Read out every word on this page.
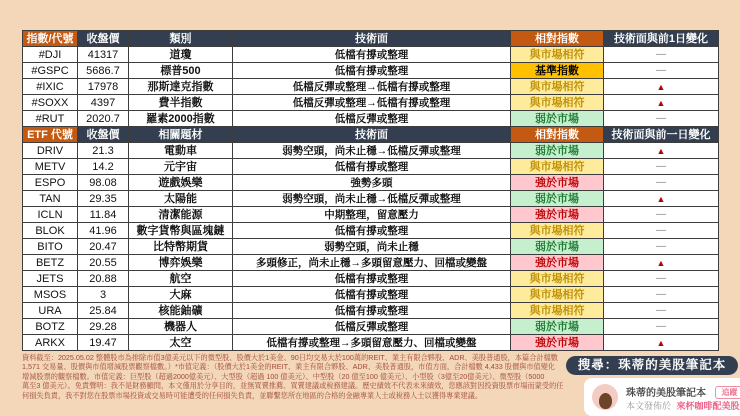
指數/代號	收盤價	類別	技術面	相對指數	技術面與前1日變化
#DJI	41317	道瓊	低檔有撐或整理	與市場相符	—
#GSPC	5686.7	標普500	低檔有撐或整理	基準指數	—
#IXIC	17978	那斯達克指數	低檔反彈或整理→低檔有撐或整理	與市場相符	▲
#SOXX	4397	費半指數	低檔反彈或整理→低檔有撐或整理	與市場相符	▲
#RUT	2020.7	羅素2000指數	低檔反彈或整理	弱於市場	—
ETF 代號	收盤價	相關題材	技術面	相對指數	技術面與前一日變化
DRIV	21.3	電動車	弱勢空頭，尚未止穩→低檔反彈或整理	弱於市場	▲
METV	14.2	元宇宙	低檔有撐或整理	與市場相符	—
ESPO	98.08	遊戲娛樂	強勢多頭	強於市場	—
TAN	29.35	太陽能	弱勢空頭，尚未止穩→低檔反彈或整理	弱於市場	▲
ICLN	11.84	清潔能源	中期整理，留意壓力	強於市場	—
BLOK	41.96	數字貨幣與區塊鏈	低檔有撐或整理	與市場相符	—
BITO	20.47	比特幣期貨	弱勢空頭，尚未止穩	弱於市場	—
BETZ	20.55	博弈娛樂	多頭修正，尚未止穩→多頭留意壓力、回檔或變盤	強於市場	▲
JETS	20.88	航空	低檔有撐或整理	與市場相符	—
MSOS	3	大麻	低檔有撐或整理	與市場相符	—
URA	25.84	核能鈾礦	低檔有撐或整理	與市場相符	—
BOTZ	29.28	機器人	低檔反彈或整理	弱於市場	—
ARKX	19.47	太空	低檔有撐或整理→多頭留意壓力、回檔或變盤	強於市場	▲
資料截至：2025.05.02 整體股市為排除市值3億美元以下的微型股、股價大於1美金、90日均交易大於100萬的REIT、業主有限合夥股、ADR、美股普通股，本篇合計檔數
1,571 交易量、股價與市值增減股票觀察檔數。）*市值定義：（股價大於1美金的REIT、業主有限合夥股、ADR、美股普通股，市值方面，合計檔數 4,433 股價與市值變化
增減股票的觀察檔數。市值定義：巨型股（超過2000億美元）、大型股（超過 100 億美元）、中型股（20 億至100 億美元）、小型股（3億至20億美元）、微型股（5000
萬至3 億美元）。免責聲明：我不是財務顧問，本文僅用於分享目的，並無買賣推薦、買賣建議或稅務建議。歷史績效不代表未來績效，您應該對因投資股票市場而蒙受的任
何損失負責，我不對您在股票市場投資或交易時可能遭受的任何損失負責，並聯繫您所在地區的合格的金融專業人士或稅務人士以獲得專業建議。
搜尋：珠蒂的美股筆記本
珠蒂的美股筆記本 追蹤
本文發佈於 來杯咖啡配美股
